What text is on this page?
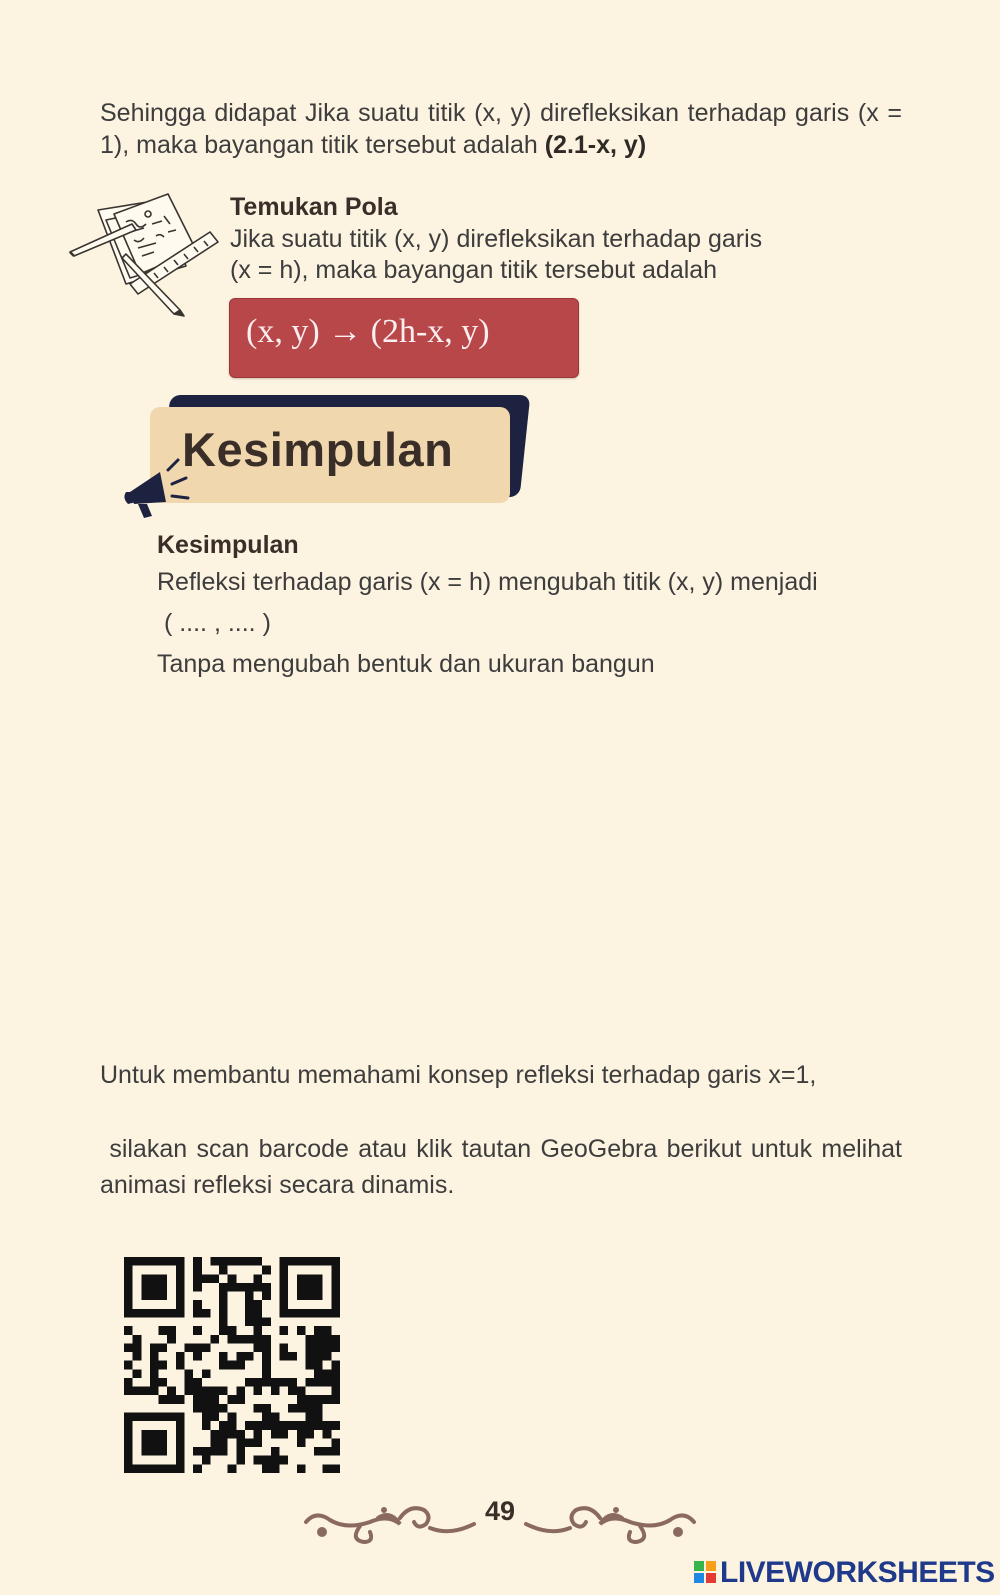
Sehingga didapat Jika suatu titik (x, y) direfleksikan terhadap garis (x = 1), maka bayangan titik tersebut adalah (2.1-x, y)
Temukan Pola
Jika suatu titik (x, y) direfleksikan terhadap garis
(x = h), maka bayangan titik tersebut adalah
(x, y) → (2h-x, y)
Kesimpulan
Kesimpulan
Refleksi terhadap garis (x = h) mengubah titik (x, y) menjadi
( .... , .... )
Tanpa mengubah bentuk dan ukuran bangun
Untuk membantu memahami konsep refleksi terhadap garis x=1,
silakan scan barcode atau klik tautan GeoGebra berikut untuk melihat animasi refleksi secara dinamis.
49
LIVEWORKSHEETS
